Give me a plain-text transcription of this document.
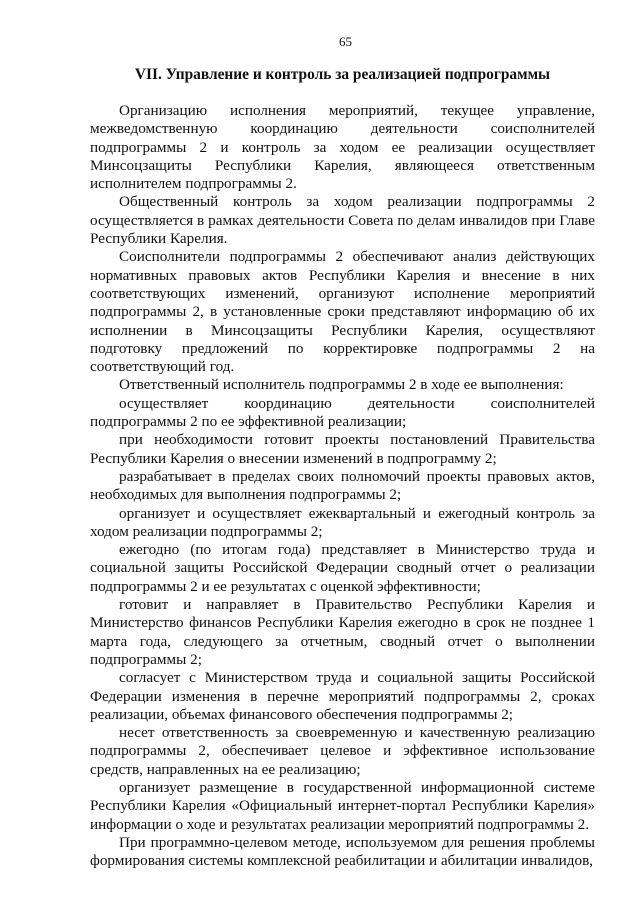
65
VII. Управление и контроль за реализацией подпрограммы

Организацию исполнения мероприятий, текущее управление, межведомственную координацию деятельности соисполнителей подпрограммы 2 и контроль за ходом ее реализации осуществляет Минсоцзащиты Республики Карелия, являющееся ответственным исполнителем подпрограммы 2.

Общественный контроль за ходом реализации подпрограммы 2 осуществляется в рамках деятельности Совета по делам инвалидов при Главе Республики Карелия.

Соисполнители подпрограммы 2 обеспечивают анализ действующих нормативных правовых актов Республики Карелия и внесение в них соответствующих изменений, организуют исполнение мероприятий подпрограммы 2, в установленные сроки представляют информацию об их исполнении в Минсоцзащиты Республики Карелия, осуществляют подготовку предложений по корректировке подпрограммы 2 на соответствующий год.

Ответственный исполнитель подпрограммы 2 в ходе ее выполнения:

осуществляет координацию деятельности соисполнителей подпрограммы 2 по ее эффективной реализации;

при необходимости готовит проекты постановлений Правительства Республики Карелия о внесении изменений в подпрограмму 2;

разрабатывает в пределах своих полномочий проекты правовых актов, необходимых для выполнения подпрограммы 2;

организует и осуществляет ежеквартальный и ежегодный контроль за ходом реализации подпрограммы 2;

ежегодно (по итогам года) представляет в Министерство труда и социальной защиты Российской Федерации сводный отчет о реализации подпрограммы 2 и ее результатах с оценкой эффективности;

готовит и направляет в Правительство Республики Карелия и Министерство финансов Республики Карелия ежегодно в срок не позднее 1 марта года, следующего за отчетным, сводный отчет о выполнении подпрограммы 2;

согласует с Министерством труда и социальной защиты Российской Федерации изменения в перечне мероприятий подпрограммы 2, сроках реализации, объемах финансового обеспечения подпрограммы 2;

несет ответственность за своевременную и качественную реализацию подпрограммы 2, обеспечивает целевое и эффективное использование средств, направленных на ее реализацию;

организует размещение в государственной информационной системе Республики Карелия «Официальный интернет-портал Республики Карелия» информации о ходе и результатах реализации мероприятий подпрограммы 2.

При программно-целевом методе, используемом для решения проблемы формирования системы комплексной реабилитации и абилитации инвалидов,
